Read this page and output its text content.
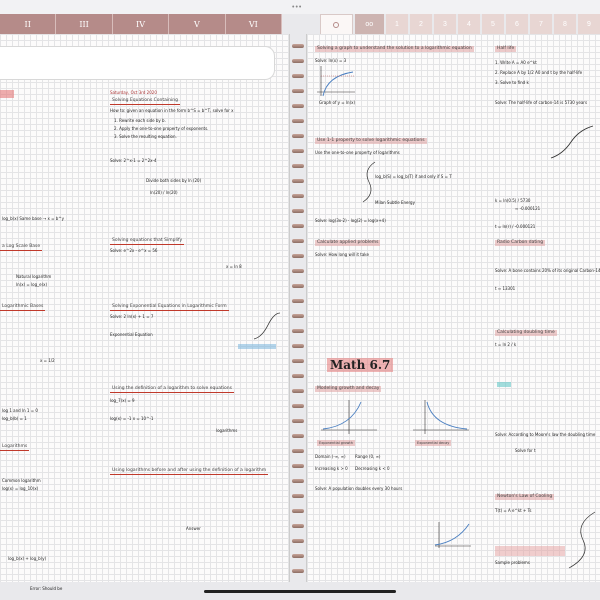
•••
II	III	IV	V	VI	oo	1	2	3	4	5	6	7	8	9
a Log Scale Base
Logarithmic Bases
Logarithms
log_b(x) Same base → x = b^y
Natural logarithm
ln(x) = log_e(x)
x = 1/2
log 1 and ln 1 = 0
log_b(b) = 1
Common logarithm
log(x) = log_10(x)
log_b(x) + log_b(y)
Error: Should be
Saturday, Oct 3rd 2020
Solving Equations Containing
Solving equations that Simplify
Solving Exponential Equations in Logarithmic Form
Using the definition of a logarithm to solve equations
Using logarithms before and after using the definition of a logarithm
How to: given an equation in the form b^S = b^T, solve for x
1. Rewrite each side by b.
2. Apply the one-to-one property of exponents.
3. Solve the resulting equation.
Solve: 2^x-1 = 2^2x-4
Divide both sides by ln (20)
ln(20) / ln(20)
Solve: e^2x - e^x = 56
x = ln 8
Solve: 2 ln(x) + 1 = 7
Exponential Equation
log_7(x) = 9
log(x) = -1 x = 10^-1
logarithms
Answer
Solving a graph to understand the solution to a logarithmic equation
Use 1-1 property to solve logarithmic equations
Calculate applied problems
Math 6.7
Modeling growth and decay
Exponential growth	Exponential decay
Solve: ln(x) = 3
Graph of y = ln(x)
Use the one-to-one property of logarithms
log_b(S) = log_b(T) if and only if S = T
Solve: log(3x-2) - log(2) = log(x+4)
Milan Subtle Energy
Solve: How long will it take
Domain (-∞, ∞) Range (0, ∞)
Increasing k > 0 Decreasing k < 0
Solve: A population doubles every 30 hours
Half life
Radio Carbon dating
Calculating doubling time
Newton's Law of Cooling
1. Write A = A0 e^kt
2. Replace A by 1/2 A0 and t by the half-life
3. Solve to find k
Solve: The half-life of carbon-14 is 5730 years
k = ln(0.5) / 5730
≈ -0.000121
t = ln(r) / -0.000121
Solve: A bone contains 20% of its original Carbon-14
t ≈ 13301
t = ln 2 / k
Solve: According to Moore's law the doubling time
Solve for t
T(t) = A e^kt + Ts
Sample problems
